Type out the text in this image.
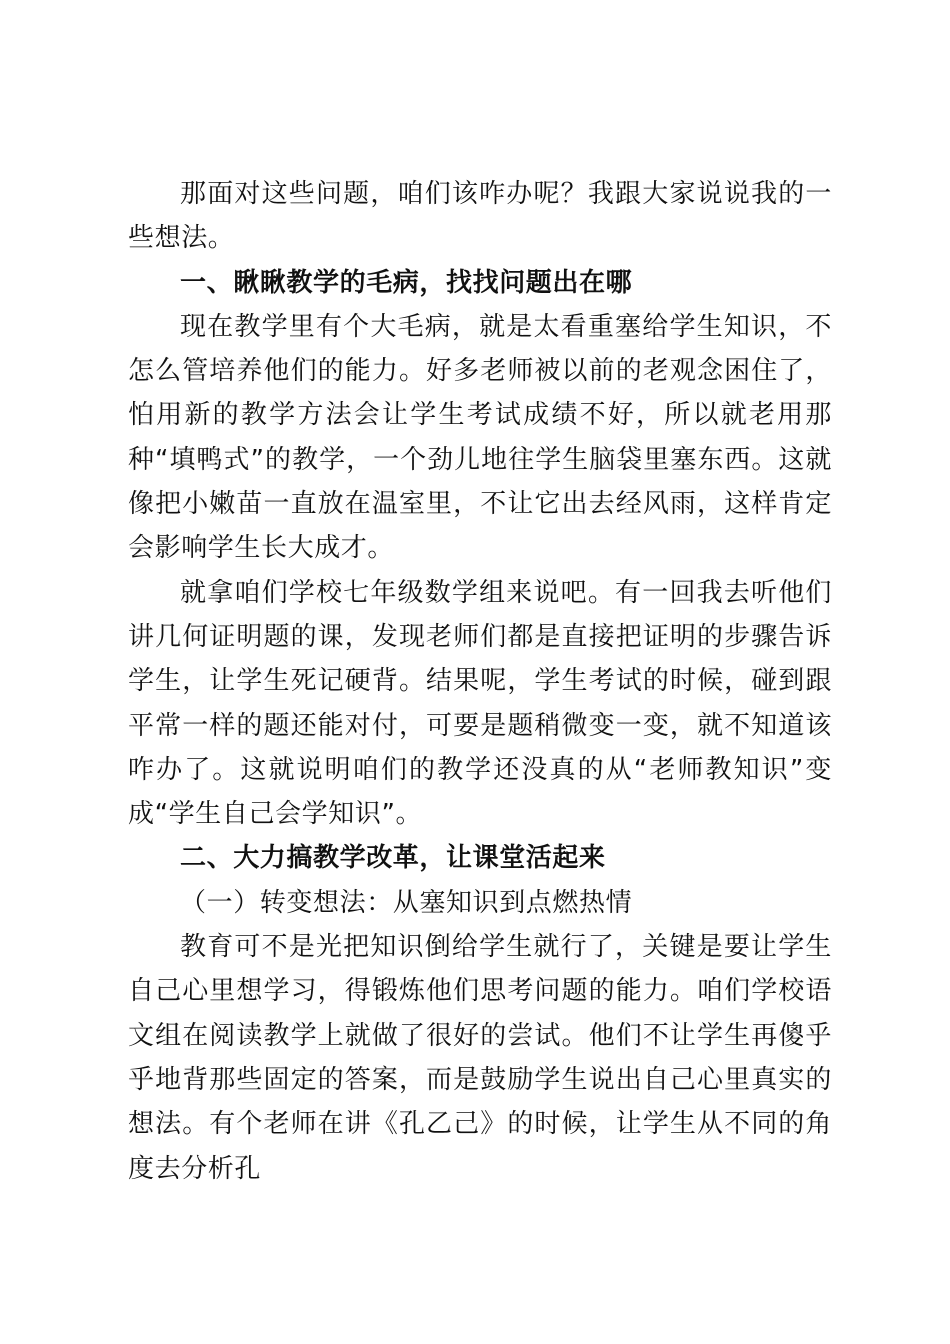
那面对这些问题，咱们该咋办呢？我跟大家说说我的一些想法。

一、瞅瞅教学的毛病，找找问题出在哪

现在教学里有个大毛病，就是太看重塞给学生知识，不怎么管培养他们的能力。好多老师被以前的老观念困住了，怕用新的教学方法会让学生考试成绩不好，所以就老用那种“填鸭式”的教学，一个劲儿地往学生脑袋里塞东西。这就像把小嫩苗一直放在温室里，不让它出去经风雨，这样肯定会影响学生长大成才。

就拿咱们学校七年级数学组来说吧。有一回我去听他们讲几何证明题的课，发现老师们都是直接把证明的步骤告诉学生，让学生死记硬背。结果呢，学生考试的时候，碰到跟平常一样的题还能对付，可要是题稍微变一变，就不知道该咋办了。这就说明咱们的教学还没真的从“老师教知识”变成“学生自己会学知识”。

二、大力搞教学改革，让课堂活起来

（一）转变想法：从塞知识到点燃热情

教育可不是光把知识倒给学生就行了，关键是要让学生自己心里想学习，得锻炼他们思考问题的能力。咱们学校语文组在阅读教学上就做了很好的尝试。他们不让学生再傻乎乎地背那些固定的答案，而是鼓励学生说出自己心里真实的想法。有个老师在讲《孔乙己》的时候，让学生从不同的角度去分析孔
